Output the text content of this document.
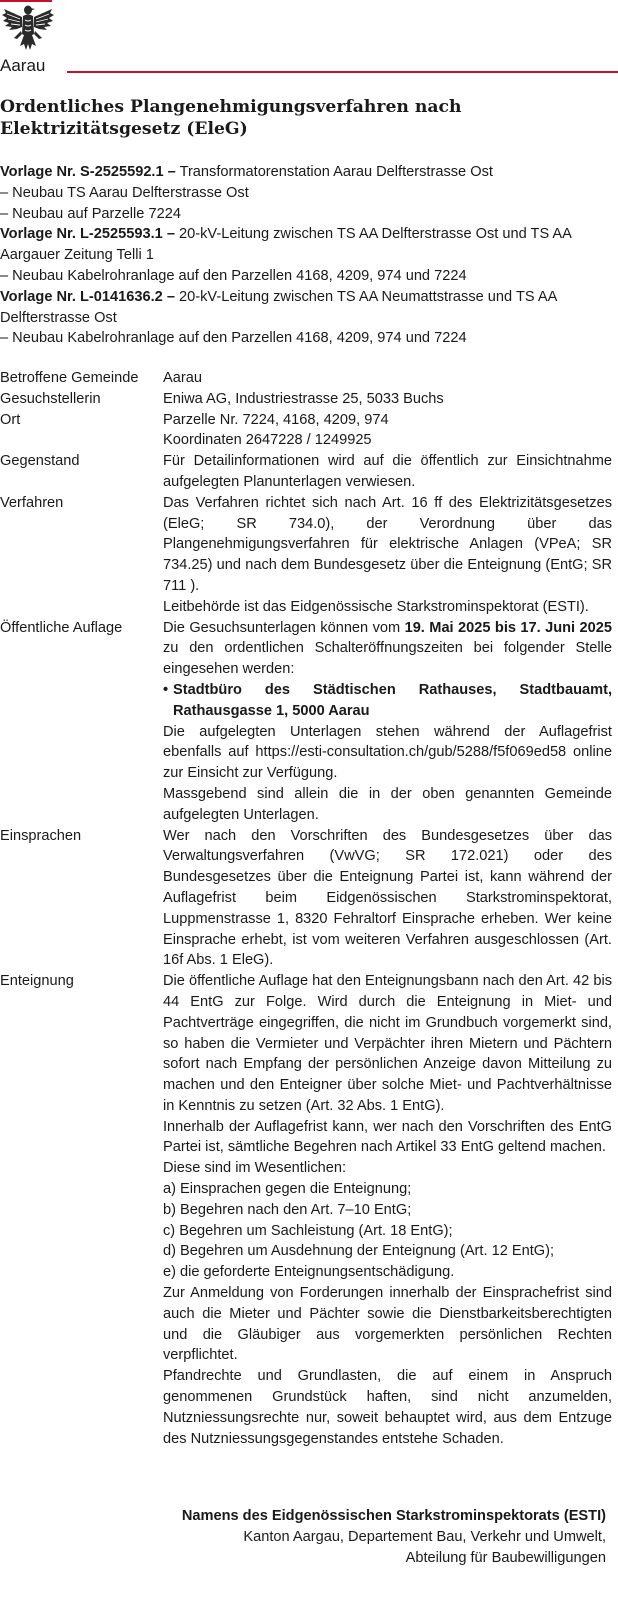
Aarau
Ordentliches Plangenehmigungsverfahren nach
Elektrizitätsgesetz (EleG)

Vorlage Nr. S-2525592.1 – Transformatorenstation Aarau Delfterstrasse Ost

– Neubau TS Aarau Delfterstrasse Ost

– Neubau auf Parzelle 7224

Vorlage Nr. L-2525593.1 – 20-kV-Leitung zwischen TS AA Delfterstrasse Ost und TS AA Aargauer Zeitung Telli 1

– Neubau Kabelrohranlage auf den Parzellen 4168, 4209, 974 und 7224

Vorlage Nr. L-0141636.2 – 20-kV-Leitung zwischen TS AA Neumattstrasse und TS AA Delfterstrasse Ost

– Neubau Kabelrohranlage auf den Parzellen 4168, 4209, 974 und 7224

Betroffene Gemeinde	Aarau
Gesuchstellerin	Eniwa AG, Industriestrasse 25, 5033 Buchs
Ort	Parzelle Nr. 7224, 4168, 4209, 974

Koordinaten 2647228 / 1249925

Gegenstand	Für Detailinformationen wird auf die öffentlich zur Einsichtnahme aufgelegten Planunterlagen verwiesen.
Verfahren	Das Verfahren richtet sich nach Art. 16 ff des Elektrizitätsgesetzes (EleG; SR 734.0), der Verordnung über das Plangenehmigungsverfahren für elektrische Anlagen (VPeA; SR 734.25) und nach dem Bundesgesetz über die Enteignung (EntG; SR 711 ).

Leitbehörde ist das Eidgenössische Starkstrominspektorat (ESTI).

Öffentliche Auflage	Die Gesuchsunterlagen können vom 19. Mai 2025 bis 17. Juni 2025 zu den ordentlichen Schalteröffnungszeiten bei folgender Stelle eingesehen werden:

• Stadtbüro des Städtischen Rathauses, Stadtbauamt, Rathausgasse 1, 5000 Aarau

Die aufgelegten Unterlagen stehen während der Auflagefrist ebenfalls auf https://esti-consultation.ch/gub/5288/f5f069ed58 online zur Einsicht zur Verfügung.

Massgebend sind allein die in der oben genannten Gemeinde aufgelegten Unterlagen.

Einsprachen	Wer nach den Vorschriften des Bundesgesetzes über das Verwaltungsverfahren (VwVG; SR 172.021) oder des Bundesgesetzes über die Enteignung Partei ist, kann während der Auflagefrist beim Eidgenössischen Starkstrominspektorat, Luppmenstrasse 1, 8320 Fehraltorf Einsprache erheben. Wer keine Einsprache erhebt, ist vom weiteren Verfahren ausgeschlossen (Art. 16f Abs. 1 EleG).
Enteignung	Die öffentliche Auflage hat den Enteignungsbann nach den Art. 42 bis 44 EntG zur Folge. Wird durch die Enteignung in Miet- und Pachtverträge eingegriffen, die nicht im Grundbuch vorgemerkt sind, so haben die Vermieter und Verpächter ihren Mietern und Pächtern sofort nach Empfang der persönlichen Anzeige davon Mitteilung zu machen und den Enteigner über solche Miet- und Pachtverhältnisse in Kenntnis zu setzen (Art. 32 Abs. 1 EntG).

Innerhalb der Auflagefrist kann, wer nach den Vorschriften des EntG Partei ist, sämtliche Begehren nach Artikel 33 EntG geltend machen.

Diese sind im Wesentlichen:

a) Einsprachen gegen die Enteignung;

b) Begehren nach den Art. 7–10 EntG;

c) Begehren um Sachleistung (Art. 18 EntG);

d) Begehren um Ausdehnung der Enteignung (Art. 12 EntG);

e) die geforderte Enteignungsentschädigung.

Zur Anmeldung von Forderungen innerhalb der Einsprachefrist sind auch die Mieter und Pächter sowie die Dienstbarkeitsberechtigten und die Gläubiger aus vorgemerkten persönlichen Rechten verpflichtet.

Pfandrechte und Grundlasten, die auf einem in Anspruch genommenen Grundstück haften, sind nicht anzumelden, Nutzniessungsrechte nur, soweit behauptet wird, aus dem Entzuge des Nutzniessungsgegenstandes entstehe Schaden.

Namens des Eidgenössischen Starkstrominspektorats (ESTI)

Kanton Aargau, Departement Bau, Verkehr und Umwelt,

Abteilung für Baubewilligungen
